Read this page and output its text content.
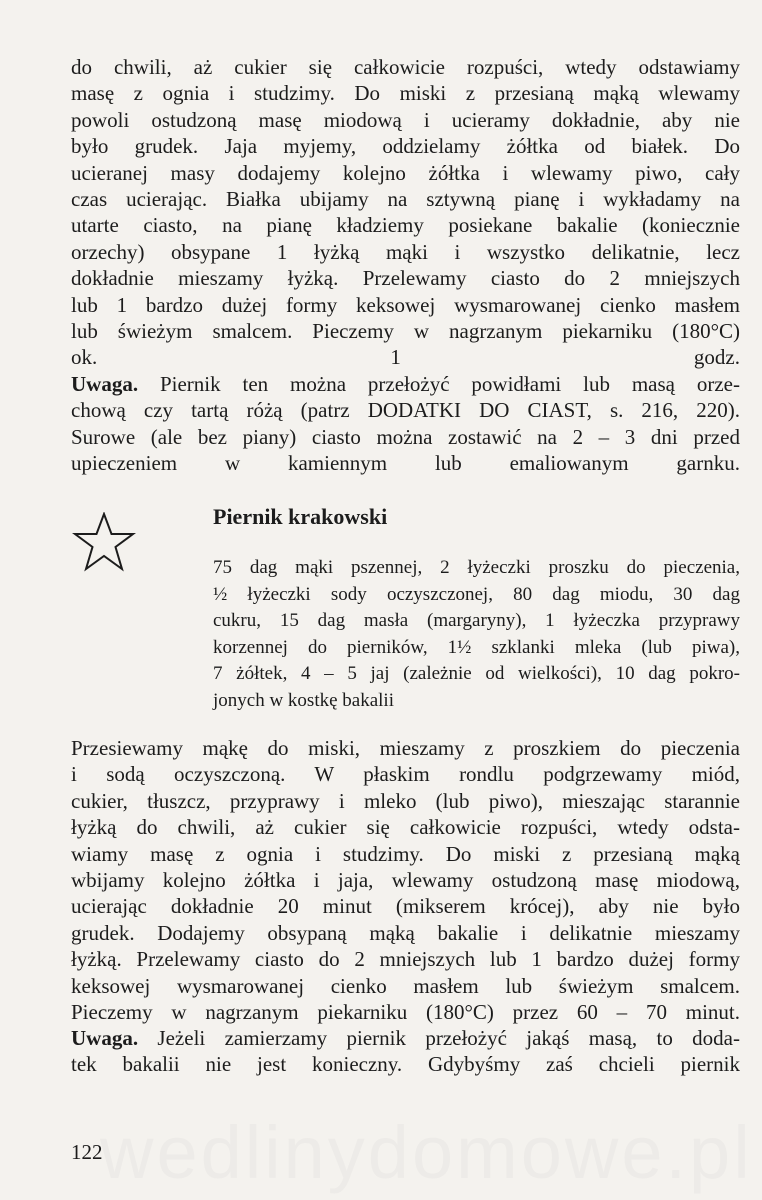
do chwili, aż cukier się całkowicie rozpuści, wtedy odstawiamy
masę z ognia i studzimy. Do miski z przesianą mąką wlewamy
powoli ostudzoną masę miodową i ucieramy dokładnie, aby nie
było grudek. Jaja myjemy, oddzielamy żółtka od białek. Do
ucieranej masy dodajemy kolejno żółtka i wlewamy piwo, cały
czas ucierając. Białka ubijamy na sztywną pianę i wykładamy na
utarte ciasto, na pianę kładziemy posiekane bakalie (koniecznie
orzechy) obsypane 1 łyżką mąki i wszystko delikatnie, lecz
dokładnie mieszamy łyżką. Przelewamy ciasto do 2 mniejszych
lub 1 bardzo dużej formy keksowej wysmarowanej cienko masłem
lub świeżym smalcem. Pieczemy w nagrzanym piekarniku (180°C)
ok. 1 godz.
Uwaga. Piernik ten można przełożyć powidłami lub masą orze-
chową czy tartą różą (patrz DODATKI DO CIAST, s. 216, 220).
Surowe (ale bez piany) ciasto można zostawić na 2 – 3 dni przed
upieczeniem w kamiennym lub emaliowanym garnku.
Piernik krakowski
75 dag mąki pszennej, 2 łyżeczki proszku do pieczenia,
½ łyżeczki sody oczyszczonej, 80 dag miodu, 30 dag
cukru, 15 dag masła (margaryny), 1 łyżeczka przyprawy
korzennej do pierników, 1½ szklanki mleka (lub piwa),
7 żółtek, 4 – 5 jaj (zależnie od wielkości), 10 dag pokro-
jonych w kostkę bakalii
Przesiewamy mąkę do miski, mieszamy z proszkiem do pieczenia
i sodą oczyszczoną. W płaskim rondlu podgrzewamy miód,
cukier, tłuszcz, przyprawy i mleko (lub piwo), mieszając starannie
łyżką do chwili, aż cukier się całkowicie rozpuści, wtedy odsta-
wiamy masę z ognia i studzimy. Do miski z przesianą mąką
wbijamy kolejno żółtka i jaja, wlewamy ostudzoną masę miodową,
ucierając dokładnie 20 minut (mikserem krócej), aby nie było
grudek. Dodajemy obsypaną mąką bakalie i delikatnie mieszamy
łyżką. Przelewamy ciasto do 2 mniejszych lub 1 bardzo dużej formy
keksowej wysmarowanej cienko masłem lub świeżym smalcem.
Pieczemy w nagrzanym piekarniku (180°C) przez 60 – 70 minut.
Uwaga. Jeżeli zamierzamy piernik przełożyć jakąś masą, to doda-
tek bakalii nie jest konieczny. Gdybyśmy zaś chcieli piernik
wedlinydomowe.pl

122
